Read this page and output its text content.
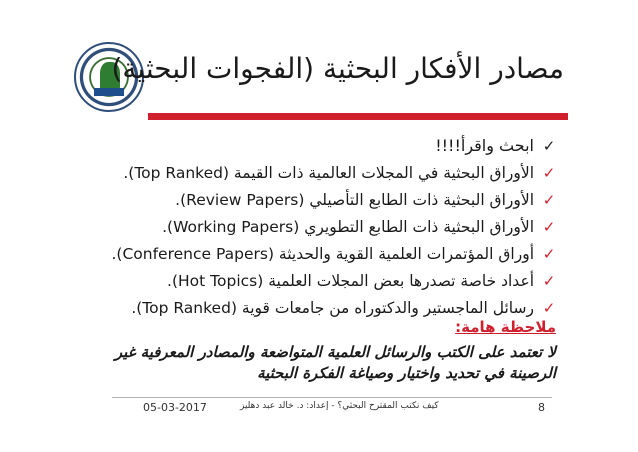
مصادر الأفكار البحثية (الفجوات البحثية)
✓
ابحث واقرأ!!!!
✓
الأوراق البحثية في المجلات العالمية ذات القيمة (Top Ranked).
✓
الأوراق البحثية ذات الطابع التأصيلي (Review Papers).
✓
الأوراق البحثية ذات الطابع التطويري (Working Papers).
✓
أوراق المؤتمرات العلمية القوية والحديثة (Conference Papers).
✓
أعداد خاصة تصدرها بعض المجلات العلمية (Hot Topics).
✓
رسائل الماجستير والدكتوراه من جامعات قوية (Top Ranked).
ملاحظة هامة:
لا تعتمد على الكتب والرسائل العلمية المتواضعة والمصادر المعرفية غير الرصينة في تحديد واختيار وصياغة الفكرة البحثية
05-03-2017	كيف نكتب المقترح البحثي؟ - إعداد: د. خالد عبد دهليز	8
